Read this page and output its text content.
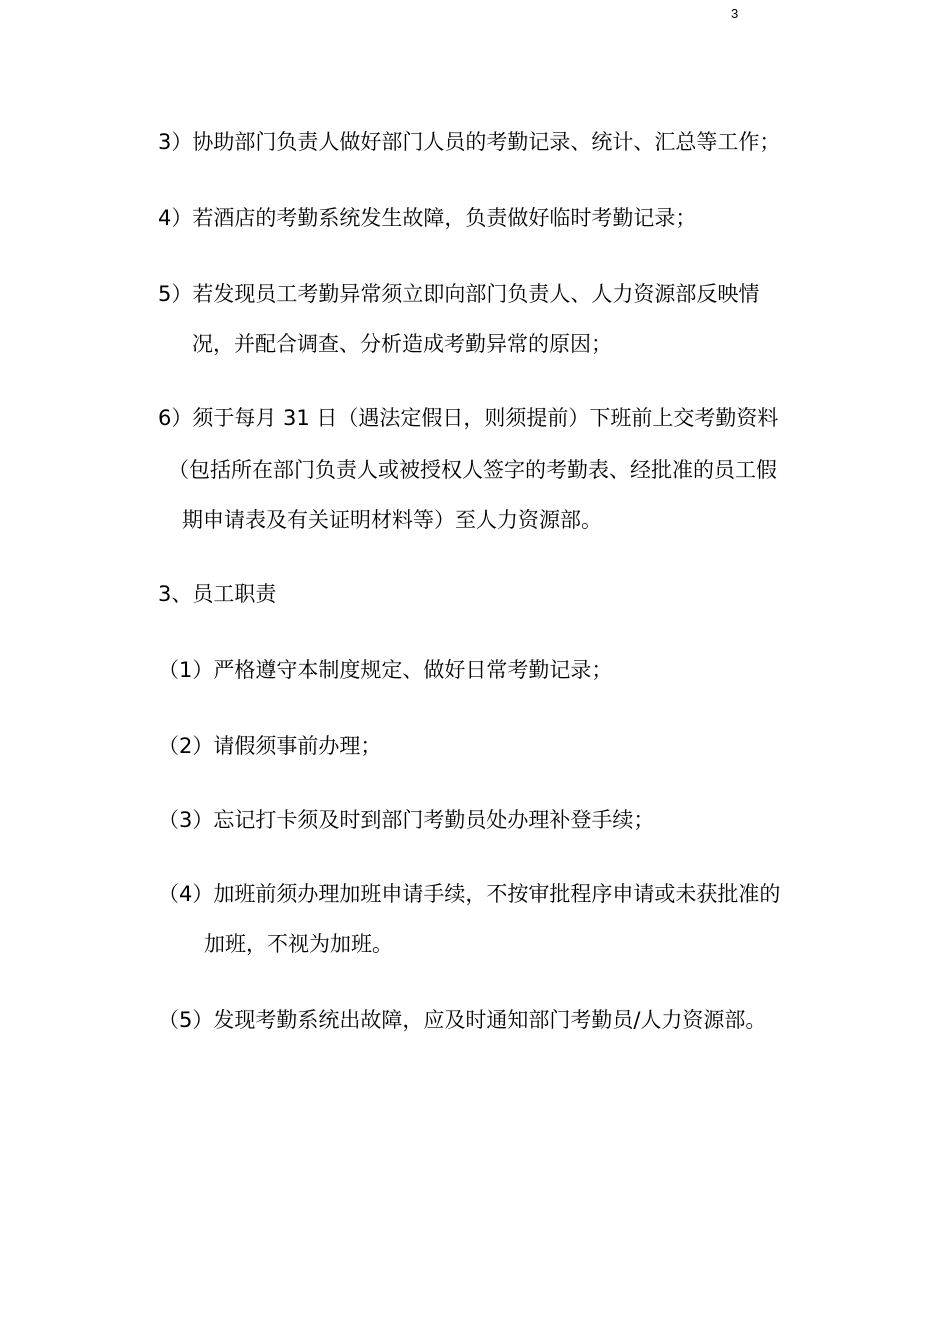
3
3）协助部门负责人做好部门人员的考勤记录、统计、汇总等工作；
4）若酒店的考勤系统发生故障，负责做好临时考勤记录；
5）若发现员工考勤异常须立即向部门负责人、人力资源部反映情
况，并配合调查、分析造成考勤异常的原因；
6）须于每月 31 日（遇法定假日，则须提前）下班前上交考勤资料
（包括所在部门负责人或被授权人签字的考勤表、经批准的员工假
期申请表及有关证明材料等）至人力资源部。
3、员工职责
（1）严格遵守本制度规定、做好日常考勤记录；
（2）请假须事前办理；
（3）忘记打卡须及时到部门考勤员处办理补登手续；
（4）加班前须办理加班申请手续，不按审批程序申请或未获批准的
加班，不视为加班。
（5）发现考勤系统出故障，应及时通知部门考勤员/人力资源部。
